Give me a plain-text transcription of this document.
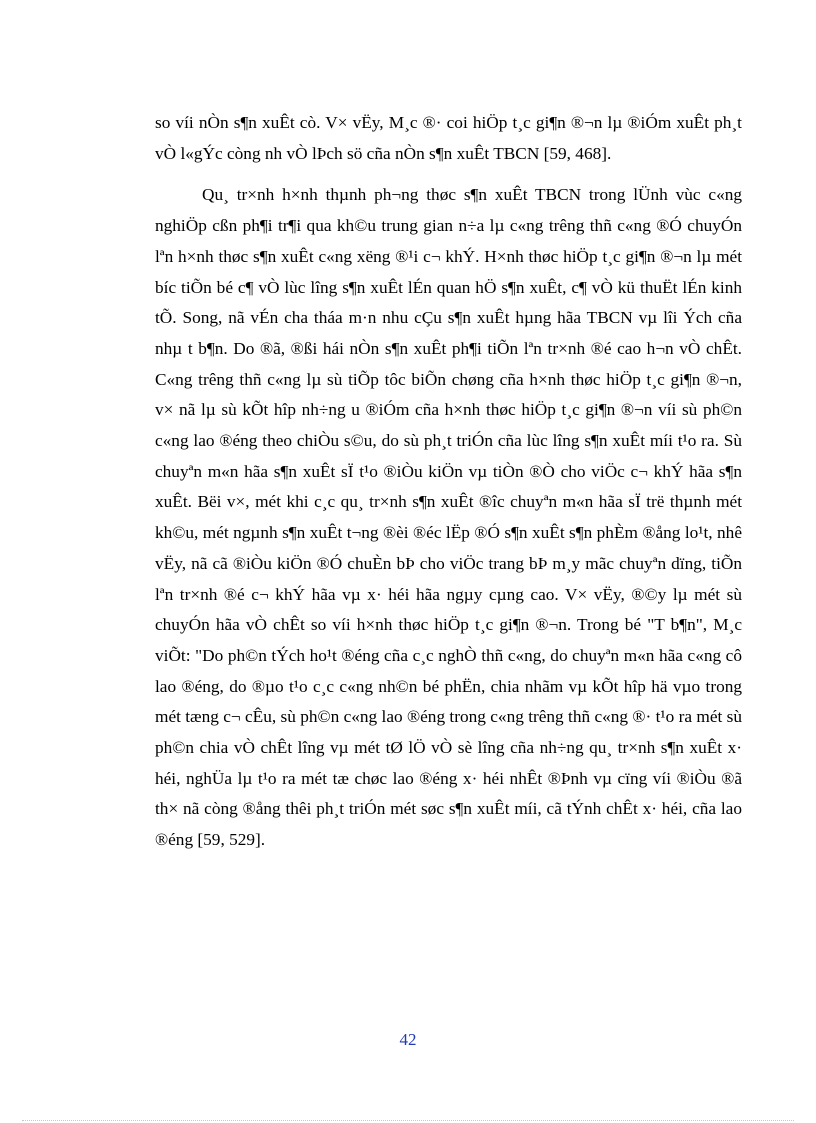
so víi nÒn s¶n xuÊt cò. V× vËy, M¸c ®· coi hiÖp t¸c gi¶n ®¬n lµ ®iÓm xuÊt ph¸t vÒ l«gÝc còng nh vÒ lÞch sö cña nÒn s¶n xuÊt TBCN [59, 468].

Qu¸ tr×nh h×nh thµnh ph¬ng thøc s¶n xuÊt TBCN trong lÜnh vùc c«ng nghiÖp cßn ph¶i tr¶i qua kh©u trung gian n÷a lµ c«ng trêng thñ c«ng ®Ó chuyÓn lªn h×nh thøc s¶n xuÊt c«ng xëng ®¹i c¬ khÝ. H×nh thøc hiÖp t¸c gi¶n ®¬n lµ mét bíc tiÕn bé c¶ vÒ lùc lîng s¶n xuÊt lÉn quan hÖ s¶n xuÊt, c¶ vÒ kü thuËt lÉn kinh tÕ. Song, nã vÉn cha tháa m·n nhu cÇu s¶n xuÊt hµng hãa TBCN vµ lîi Ých cña nhµ t b¶n. Do ®ã, ®ßi hái nÒn s¶n xuÊt ph¶i tiÕn lªn tr×nh ®é cao h¬n vÒ chÊt. C«ng trêng thñ c«ng lµ sù tiÕp tôc biÕn chøng cña h×nh thøc hiÖp t¸c gi¶n ®¬n, v× nã lµ sù kÕt hîp nh÷ng u ®iÓm cña h×nh thøc hiÖp t¸c gi¶n ®¬n víi sù ph©n c«ng lao ®éng theo chiÒu s©u, do sù ph¸t triÓn cña lùc lîng s¶n xuÊt míi t¹o ra. Sù chuyªn m«n hãa s¶n xuÊt sÏ t¹o ®iÒu kiÖn vµ tiÒn ®Ò cho viÖc c¬ khÝ hãa s¶n xuÊt. Bëi v×, mét khi c¸c qu¸ tr×nh s¶n xuÊt ®îc chuyªn m«n hãa sÏ trë thµnh mét kh©u, mét ngµnh s¶n xuÊt t¬ng ®èi ®éc lËp ®Ó s¶n xuÊt s¶n phÈm ®ång lo¹t, nhê vËy, nã cã ®iÒu kiÖn ®Ó chuÈn bÞ cho viÖc trang bÞ m¸y mãc chuyªn dïng, tiÕn lªn tr×nh ®é c¬ khÝ hãa vµ x· héi hãa ngµy cµng cao. V× vËy, ®©y lµ mét sù chuyÓn hãa vÒ chÊt so víi h×nh thøc hiÖp t¸c gi¶n ®¬n. Trong bé "T b¶n", M¸c viÕt: "Do ph©n tÝch ho¹t ®éng cña c¸c nghÒ thñ c«ng, do chuyªn m«n hãa c«ng cô lao ®éng, do ®µo t¹o c¸c c«ng nh©n bé phËn, chia nhãm vµ kÕt hîp hä vµo trong mét tæng c¬ cÊu, sù ph©n c«ng lao ®éng trong c«ng trêng thñ c«ng ®· t¹o ra mét sù ph©n chia vÒ chÊt lîng vµ mét tØ lÖ vÒ sè lîng cña nh÷ng qu¸ tr×nh s¶n xuÊt x· héi, nghÜa lµ t¹o ra mét tæ chøc lao ®éng x· héi nhÊt ®Þnh vµ cïng víi ®iÒu ®ã th× nã còng ®ång thêi ph¸t triÓn mét søc s¶n xuÊt míi, cã tÝnh chÊt x· héi, cña lao ®éng [59, 529].

42
